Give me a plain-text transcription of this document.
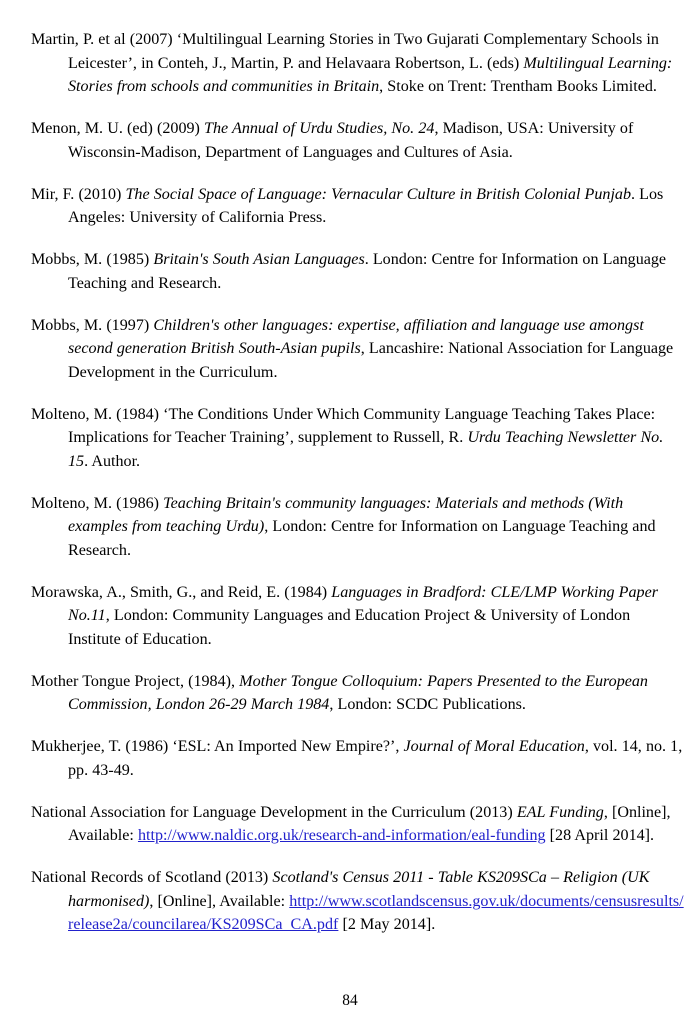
Martin, P. et al (2007) ‘Multilingual Learning Stories in Two Gujarati Complementary Schools in Leicester’, in Conteh, J., Martin, P. and Helavaara Robertson, L. (eds) Multilingual Learning: Stories from schools and communities in Britain, Stoke on Trent: Trentham Books Limited.

Menon, M. U. (ed) (2009) The Annual of Urdu Studies, No. 24, Madison, USA: University of Wisconsin-Madison, Department of Languages and Cultures of Asia.

Mir, F. (2010) The Social Space of Language: Vernacular Culture in British Colonial Punjab. Los Angeles: University of California Press.

Mobbs, M. (1985) Britain's South Asian Languages. London: Centre for Information on Language Teaching and Research.

Mobbs, M. (1997) Children's other languages: expertise, affiliation and language use amongst second generation British South-Asian pupils, Lancashire: National Association for Language Development in the Curriculum.

Molteno, M. (1984) ‘The Conditions Under Which Community Language Teaching Takes Place: Implications for Teacher Training’, supplement to Russell, R. Urdu Teaching Newsletter No. 15. Author.

Molteno, M. (1986) Teaching Britain's community languages: Materials and methods (With examples from teaching Urdu), London: Centre for Information on Language Teaching and Research.

Morawska, A., Smith, G., and Reid, E. (1984) Languages in Bradford: CLE/LMP Working Paper No.11, London: Community Languages and Education Project & University of London Institute of Education.

Mother Tongue Project, (1984), Mother Tongue Colloquium: Papers Presented to the European Commission, London 26-29 March 1984, London: SCDC Publications.

Mukherjee, T. (1986) ‘ESL: An Imported New Empire?’, Journal of Moral Education, vol. 14, no. 1, pp. 43-49.

National Association for Language Development in the Curriculum (2013) EAL Funding, [Online], Available: http://www.naldic.org.uk/research-and-information/eal-funding [28 April 2014].

National Records of Scotland (2013) Scotland's Census 2011 - Table KS209SCa – Religion (UK harmonised), [Online], Available: http://www.scotlandscensus.gov.uk/documents/censusresults/release2a/councilarea/KS209SCa_CA.pdf [2 May 2014].

84
